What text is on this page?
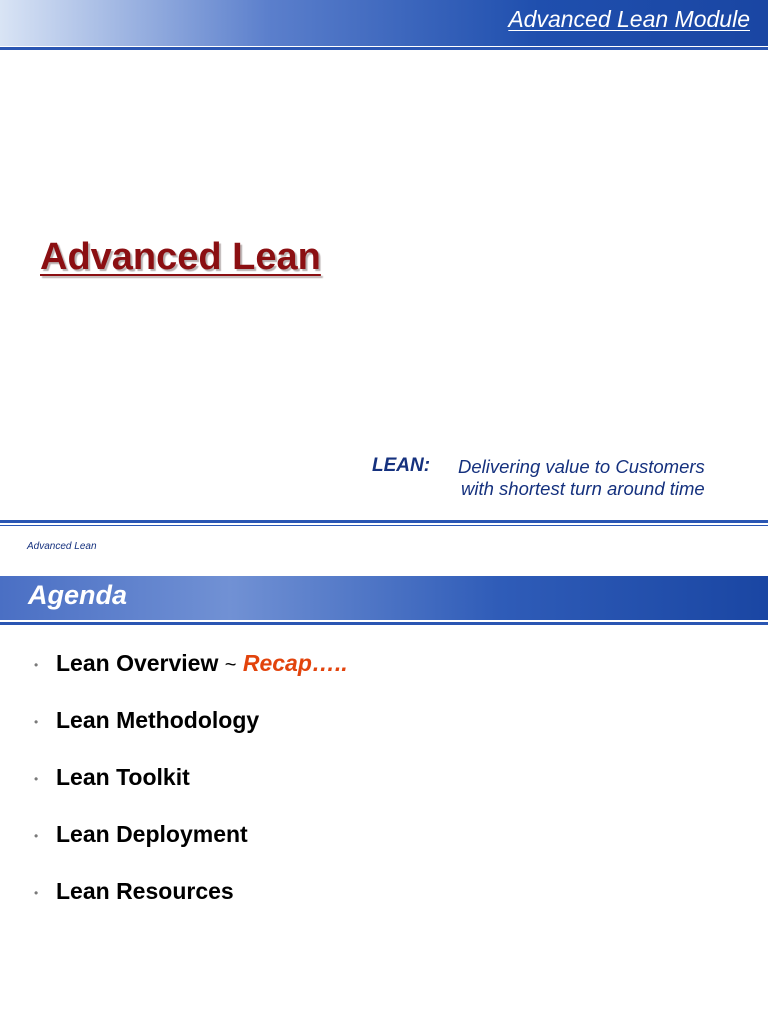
Advanced Lean Module
Advanced Lean
LEAN: Delivering value to Customers
with shortest turn around time
Advanced Lean
Agenda
• Lean Overview ~ Recap…..
• Lean Methodology
• Lean Toolkit
• Lean Deployment
• Lean Resources
